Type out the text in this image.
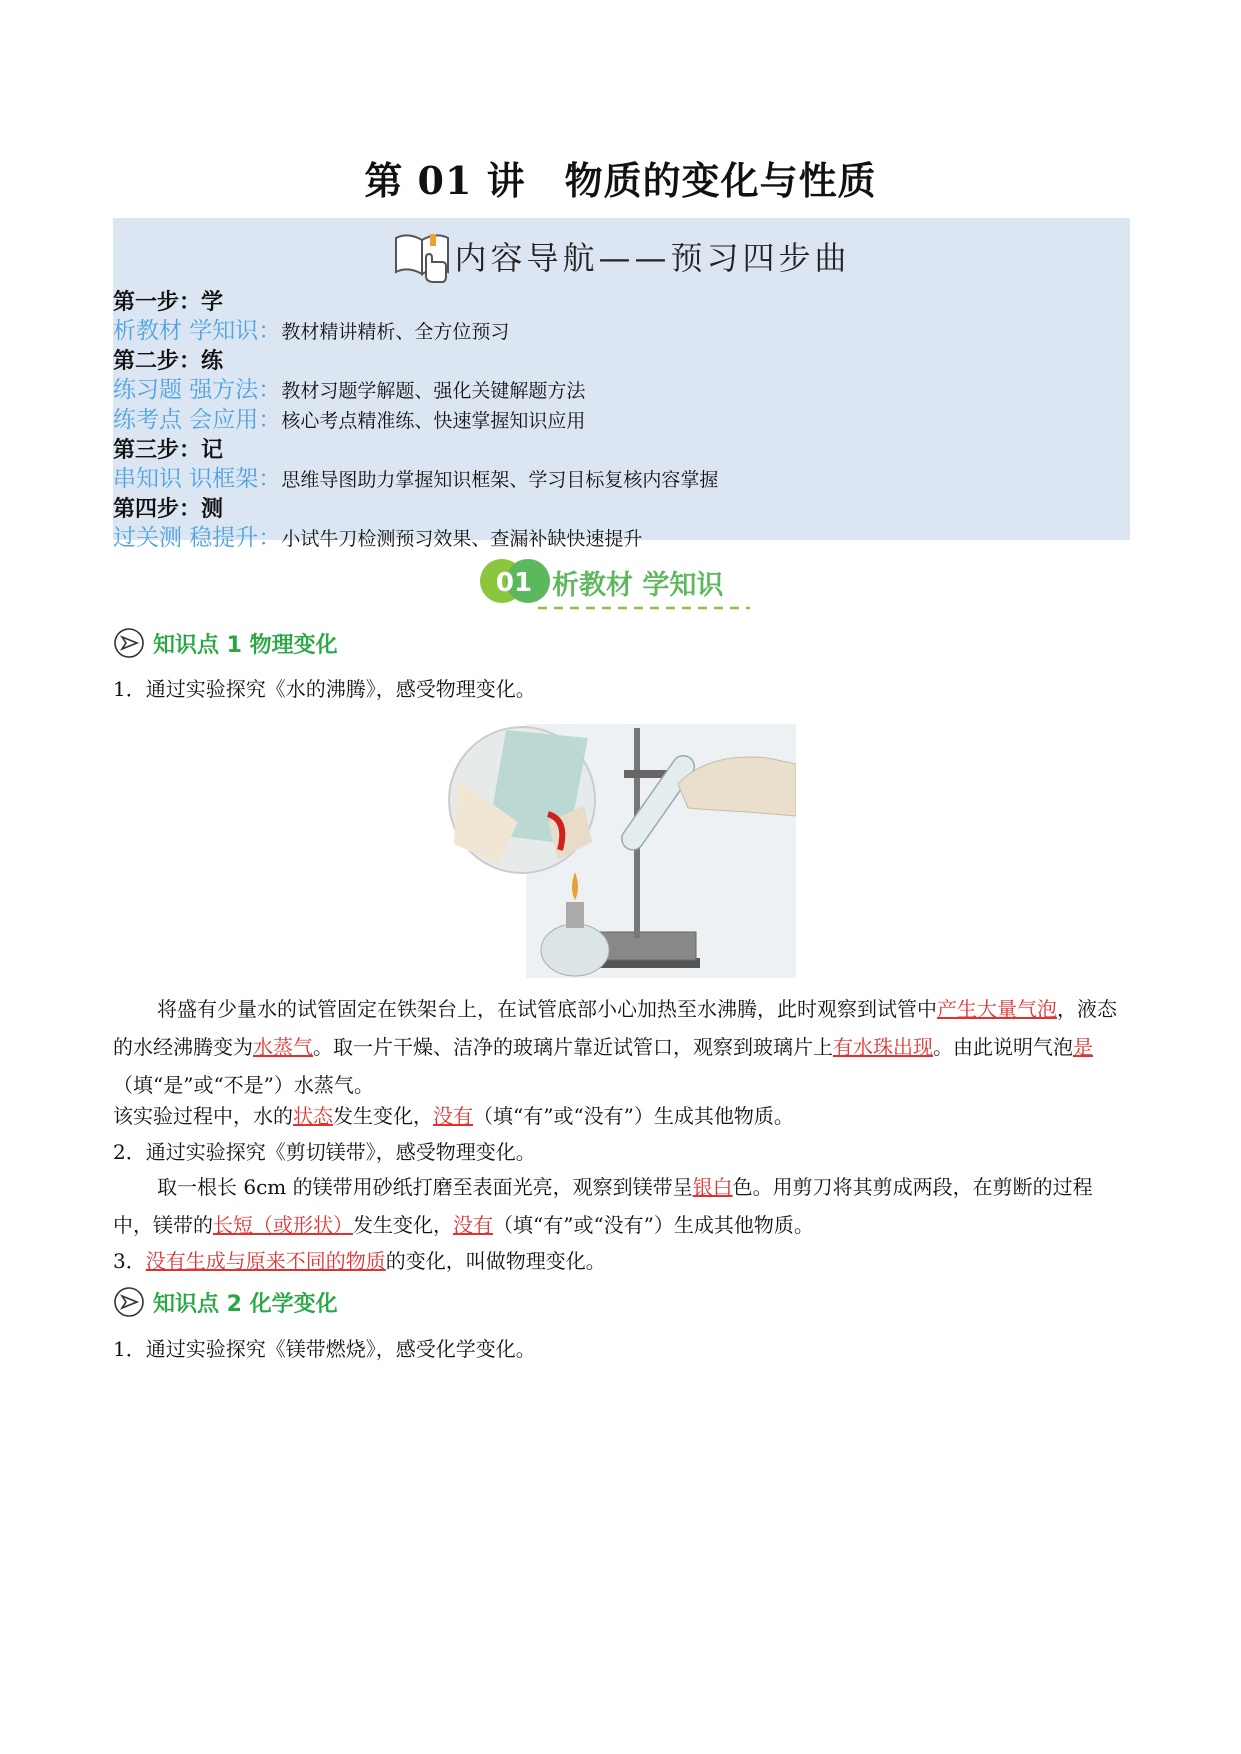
第 01 讲　物质的变化与性质
内容导航——预习四步曲
第一步：学
析教材 学知识：教材精讲精析、全方位预习
第二步：练
练习题 强方法：教材习题学解题、强化关键解题方法
练考点 会应用：核心考点精准练、快速掌握知识应用
第三步：记
串知识 识框架：思维导图助力掌握知识框架、学习目标复核内容掌握
第四步：测
过关测 稳提升：小试牛刀检测预习效果、查漏补缺快速提升
01 析教材 学知识
知识点 1 物理变化
1．通过实验探究《水的沸腾》，感受物理变化。
将盛有少量水的试管固定在铁架台上，在试管底部小心加热至水沸腾，此时观察到试管中产生大量气泡，液态的水经沸腾变为水蒸气。取一片干燥、洁净的玻璃片靠近试管口，观察到玻璃片上有水珠出现。由此说明气泡是（填“是”或“不是”）水蒸气。
该实验过程中，水的状态发生变化，没有（填“有”或“没有”）生成其他物质。
2．通过实验探究《剪切镁带》，感受物理变化。
取一根长 6cm 的镁带用砂纸打磨至表面光亮，观察到镁带呈银白色。用剪刀将其剪成两段，在剪断的过程中，镁带的长短（或形状）发生变化，没有（填“有”或“没有”）生成其他物质。
3．没有生成与原来不同的物质的变化，叫做物理变化。
知识点 2 化学变化
1．通过实验探究《镁带燃烧》，感受化学变化。
